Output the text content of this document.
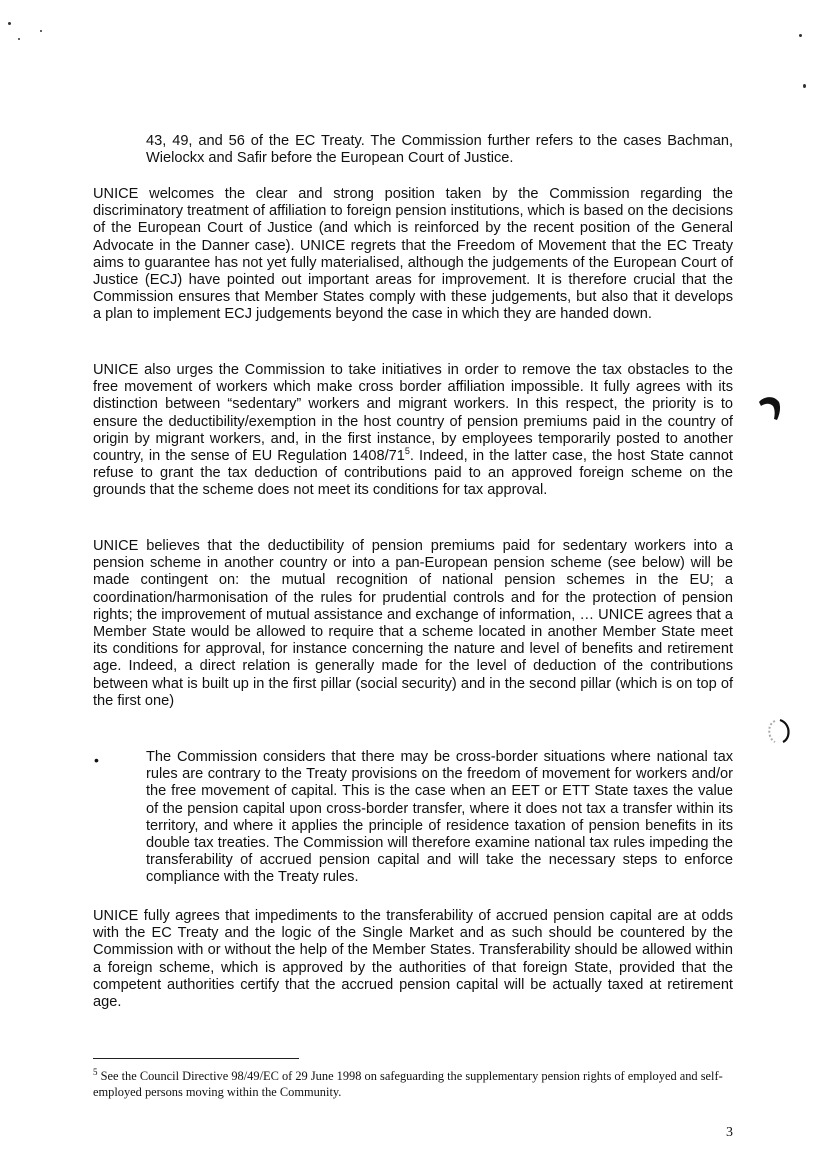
43, 49, and 56 of the EC Treaty. The Commission further refers to the cases Bachman, Wielockx and Safir before the European Court of Justice.

UNICE welcomes the clear and strong position taken by the Commission regarding the discriminatory treatment of affiliation to foreign pension institutions, which is based on the decisions of the European Court of Justice (and which is reinforced by the recent position of the General Advocate in the Danner case). UNICE regrets that the Freedom of Movement that the EC Treaty aims to guarantee has not yet fully materialised, although the judgements of the European Court of Justice (ECJ) have pointed out important areas for improvement. It is therefore crucial that the Commission ensures that Member States comply with these judgements, but also that it develops a plan to implement ECJ judgements beyond the case in which they are handed down.

UNICE also urges the Commission to take initiatives in order to remove the tax obstacles to the free movement of workers which make cross border affiliation impossible. It fully agrees with its distinction between “sedentary” workers and migrant workers. In this respect, the priority is to ensure the deductibility/exemption in the host country of pension premiums paid in the country of origin by migrant workers, and, in the first instance, by employees temporarily posted to another country, in the sense of EU Regulation $1408/71^5$. Indeed, in the latter case, the host State cannot refuse to grant the tax deduction of contributions paid to an approved foreign scheme on the grounds that the scheme does not meet its conditions for tax approval.

UNICE believes that the deductibility of pension premiums paid for sedentary workers into a pension scheme in another country or into a pan-European pension scheme (see below) will be made contingent on: the mutual recognition of national pension schemes in the EU; a coordination/harmonisation of the rules for prudential controls and for the protection of pension rights; the improvement of mutual assistance and exchange of information, … UNICE agrees that a Member State would be allowed to require that a scheme located in another Member State meet its conditions for approval, for instance concerning the nature and level of benefits and retirement age. Indeed, a direct relation is generally made for the level of deduction of the contributions between what is built up in the first pillar (social security) and in the second pillar (which is on top of the first one)

•	The Commission considers that there may be cross-border situations where national tax rules are contrary to the Treaty provisions on the freedom of movement for workers and/or the free movement of capital. This is the case when an EET or ETT State taxes the value of the pension capital upon cross-border transfer, where it does not tax a transfer within its territory, and where it applies the principle of residence taxation of pension benefits in its double tax treaties. The Commission will therefore examine national tax rules impeding the transferability of accrued pension capital and will take the necessary steps to enforce compliance with the Treaty rules.

UNICE fully agrees that impediments to the transferability of accrued pension capital are at odds with the EC Treaty and the logic of the Single Market and as such should be countered by the Commission with or without the help of the Member States. Transferability should be allowed within a foreign scheme, which is approved by the authorities of that foreign State, provided that the competent authorities certify that the accrued pension capital will be actually taxed at retirement age.

$^5$ See the Council Directive 98/49/EC of 29 June 1998 on safeguarding the supplementary pension rights of employed and self-employed persons moving within the Community.

3
